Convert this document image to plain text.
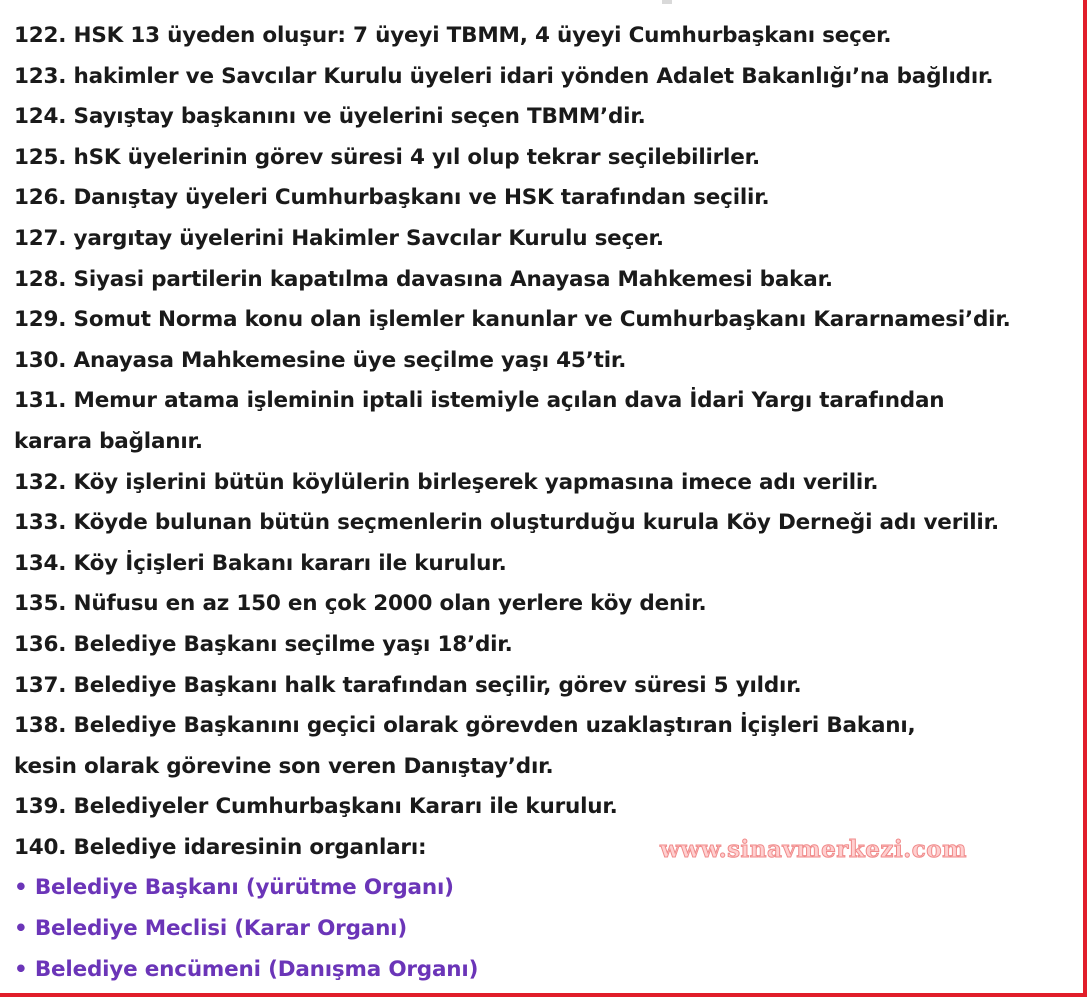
122. HSK 13 üyeden oluşur: 7 üyeyi TBMM, 4 üyeyi Cumhurbaşkanı seçer.
123. hakimler ve Savcılar Kurulu üyeleri idari yönden Adalet Bakanlığı’na bağlıdır.
124. Sayıştay başkanını ve üyelerini seçen TBMM’dir.
125. hSK üyelerinin görev süresi 4 yıl olup tekrar seçilebilirler.
126. Danıştay üyeleri Cumhurbaşkanı ve HSK tarafından seçilir.
127. yargıtay üyelerini Hakimler Savcılar Kurulu seçer.
128. Siyasi partilerin kapatılma davasına Anayasa Mahkemesi bakar.
129. Somut Norma konu olan işlemler kanunlar ve Cumhurbaşkanı Kararnamesi’dir.
130. Anayasa Mahkemesine üye seçilme yaşı 45’tir.
131. Memur atama işleminin iptali istemiyle açılan dava İdari Yargı tarafından
karara bağlanır.
132. Köy işlerini bütün köylülerin birleşerek yapmasına imece adı verilir.
133. Köyde bulunan bütün seçmenlerin oluşturduğu kurula Köy Derneği adı verilir.
134. Köy İçişleri Bakanı kararı ile kurulur.
135. Nüfusu en az 150 en çok 2000 olan yerlere köy denir.
136. Belediye Başkanı seçilme yaşı 18’dir.
137. Belediye Başkanı halk tarafından seçilir, görev süresi 5 yıldır.
138. Belediye Başkanını geçici olarak görevden uzaklaştıran İçişleri Bakanı,
kesin olarak görevine son veren Danıştay’dır.
139. Belediyeler Cumhurbaşkanı Kararı ile kurulur.
140. Belediye idaresinin organları:
• Belediye Başkanı (yürütme Organı)
• Belediye Meclisi (Karar Organı)
• Belediye encümeni (Danışma Organı)
www.sinavmerkezi.com
